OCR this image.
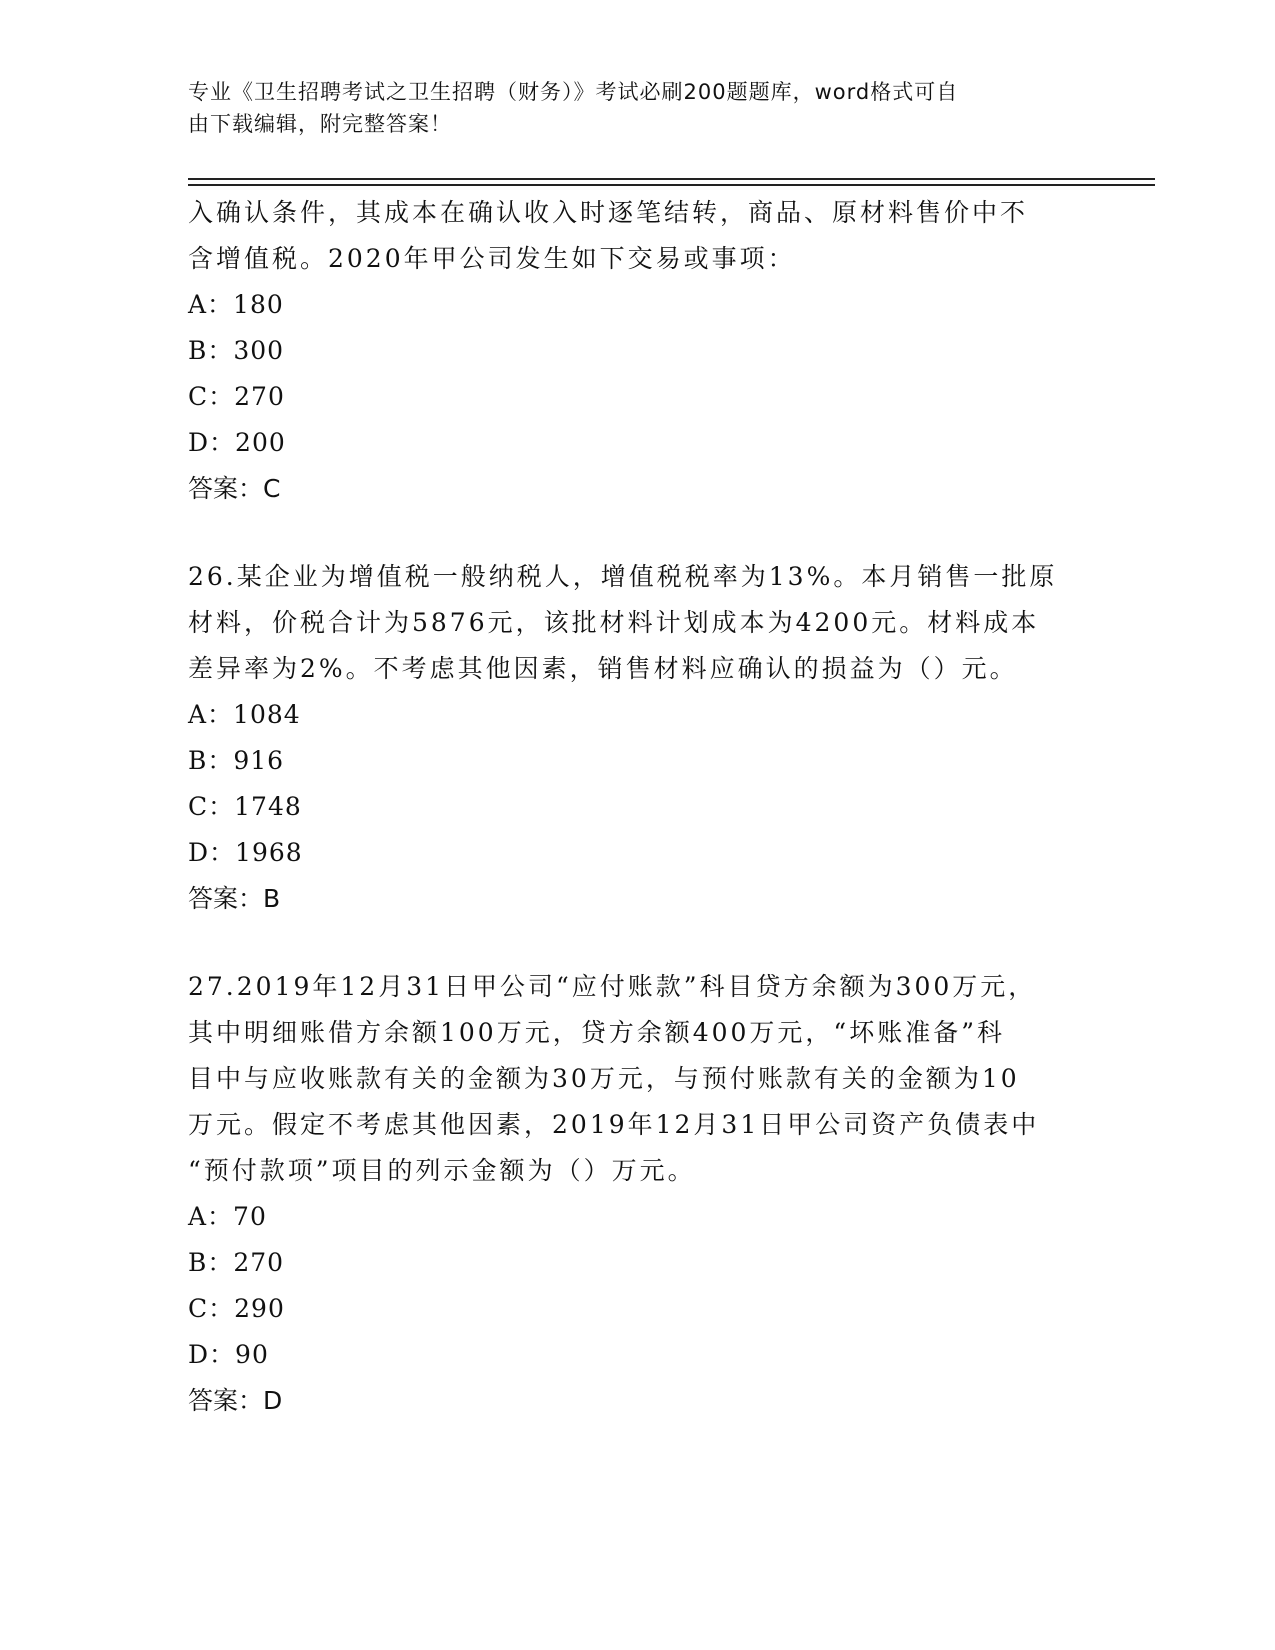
专业《卫生招聘考试之卫生招聘（财务）》考试必刷200题题库，word格式可自
由下载编辑，附完整答案！

入确认条件，其成本在确认收入时逐笔结转，商品、原材料售价中不

含增值税。2020年甲公司发生如下交易或事项：

A：180

B：300

C：270

D：200

答案：C

26.某企业为增值税一般纳税人，增值税税率为13%。本月销售一批原

材料，价税合计为5876元，该批材料计划成本为4200元。材料成本

差异率为2%。不考虑其他因素，销售材料应确认的损益为（）元。

A：1084

B：916

C：1748

D：1968

答案：B

27.2019年12月31日甲公司“应付账款”科目贷方余额为300万元，

其中明细账借方余额100万元，贷方余额400万元，“坏账准备”科

目中与应收账款有关的金额为30万元，与预付账款有关的金额为10

万元。假定不考虑其他因素，2019年12月31日甲公司资产负债表中

“预付款项”项目的列示金额为（）万元。

A：70

B：270

C：290

D：90

答案：D
